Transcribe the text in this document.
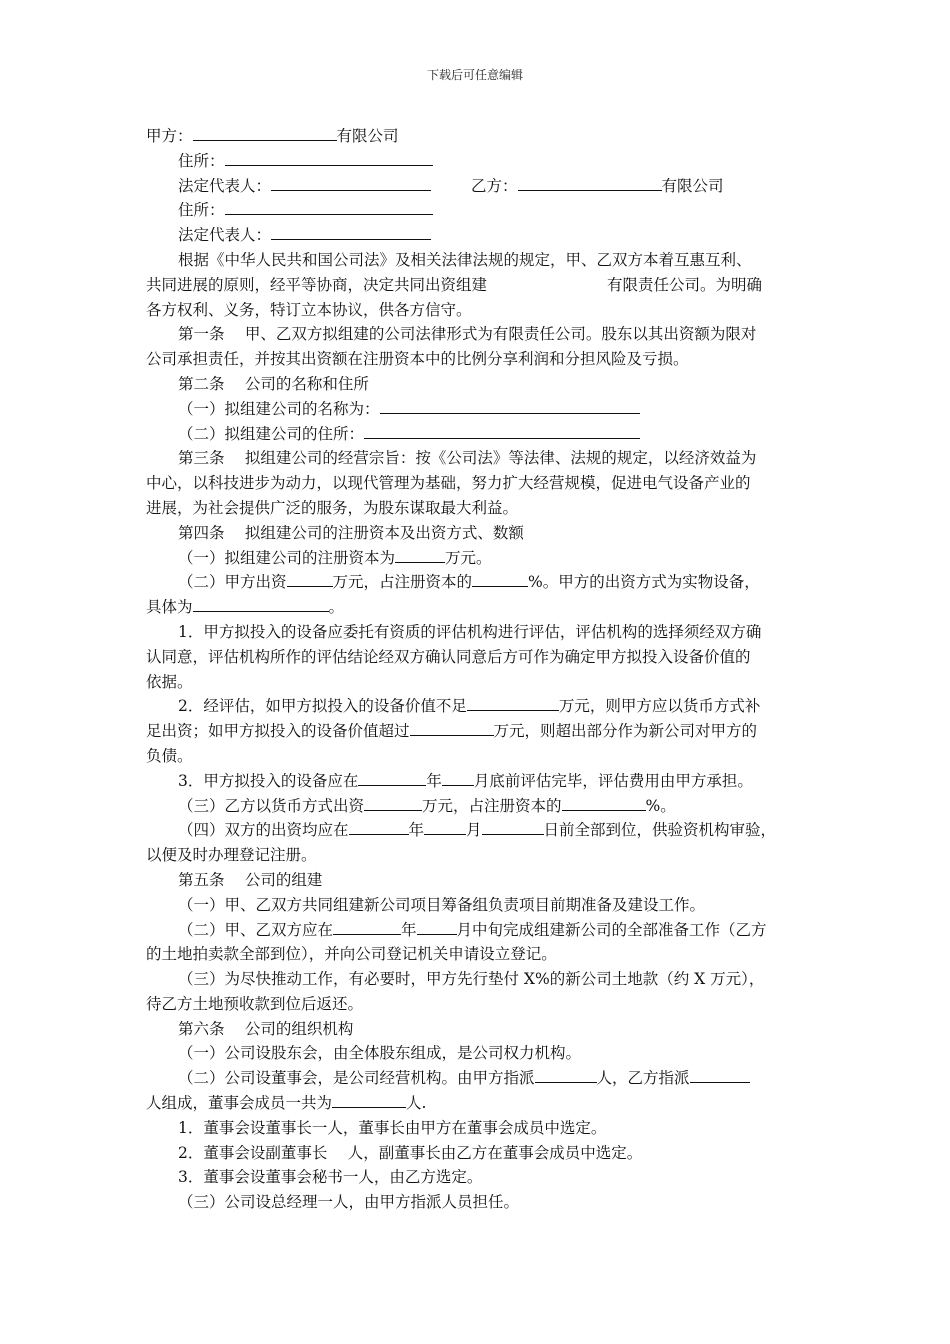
下载后可任意编辑
甲方：	有限公司
住所：
法定代表人：	乙方：	有限公司
住所：
法定代表人：
根据《中华人民共和国公司法》及相关法律法规的规定，甲、乙双方本着互惠互利、
共同进展的原则，经平等协商，决定共同出资组建	有限责任公司。为明确
各方权利、义务，特订立本协议，供各方信守。
第一条　 甲、乙双方拟组建的公司法律形式为有限责任公司。股东以其出资额为限对
公司承担责任，并按其出资额在注册资本中的比例分享利润和分担风险及亏损。
第二条　 公司的名称和住所
（一）拟组建公司的名称为：
（二）拟组建公司的住所：
第三条　 拟组建公司的经营宗旨：按《公司法》等法律、法规的规定，以经济效益为
中心，以科技进步为动力，以现代管理为基础，努力扩大经营规模，促进电气设备产业的
进展，为社会提供广泛的服务，为股东谋取最大利益。
第四条　 拟组建公司的注册资本及出资方式、数额
（一）拟组建公司的注册资本为	万元。
（二）甲方出资	万元，占注册资本的	%。甲方的出资方式为实物设备，
具体为	。
1．甲方拟投入的设备应委托有资质的评估机构进行评估，评估机构的选择须经双方确
认同意，评估机构所作的评估结论经双方确认同意后方可作为确定甲方拟投入设备价值的
依据。
2．经评估，如甲方拟投入的设备价值不足	万元，则甲方应以货币方式补
足出资；如甲方拟投入的设备价值超过	万元，则超出部分作为新公司对甲方的
负债。
3．甲方拟投入的设备应在	年 月底前评估完毕，评估费用由甲方承担。
（三）乙方以货币方式出资	万元，占注册资本的	%。
（四）双方的出资均应在	年	月	日前全部到位，供验资机构审验，
以便及时办理登记注册。
第五条　 公司的组建
（一）甲、乙双方共同组建新公司项目筹备组负责项目前期准备及建设工作。
（二）甲、乙双方应在	年	月中旬完成组建新公司的全部准备工作（乙方
的土地拍卖款全部到位），并向公司登记机关申请设立登记。
（三）为尽快推动工作，有必要时，甲方先行垫付 X%的新公司土地款（约 X 万元），
待乙方土地预收款到位后返还。
第六条　 公司的组织机构
（一）公司设股东会，由全体股东组成，是公司权力机构。
（二）公司设董事会，是公司经营机构。由甲方指派	人，乙方指派
人组成，董事会成员一共为	人.
1．董事会设董事长一人，董事长由甲方在董事会成员中选定。
2．董事会设副董事长　 人，副董事长由乙方在董事会成员中选定。
3．董事会设董事会秘书一人，由乙方选定。
（三）公司设总经理一人，由甲方指派人员担任。
